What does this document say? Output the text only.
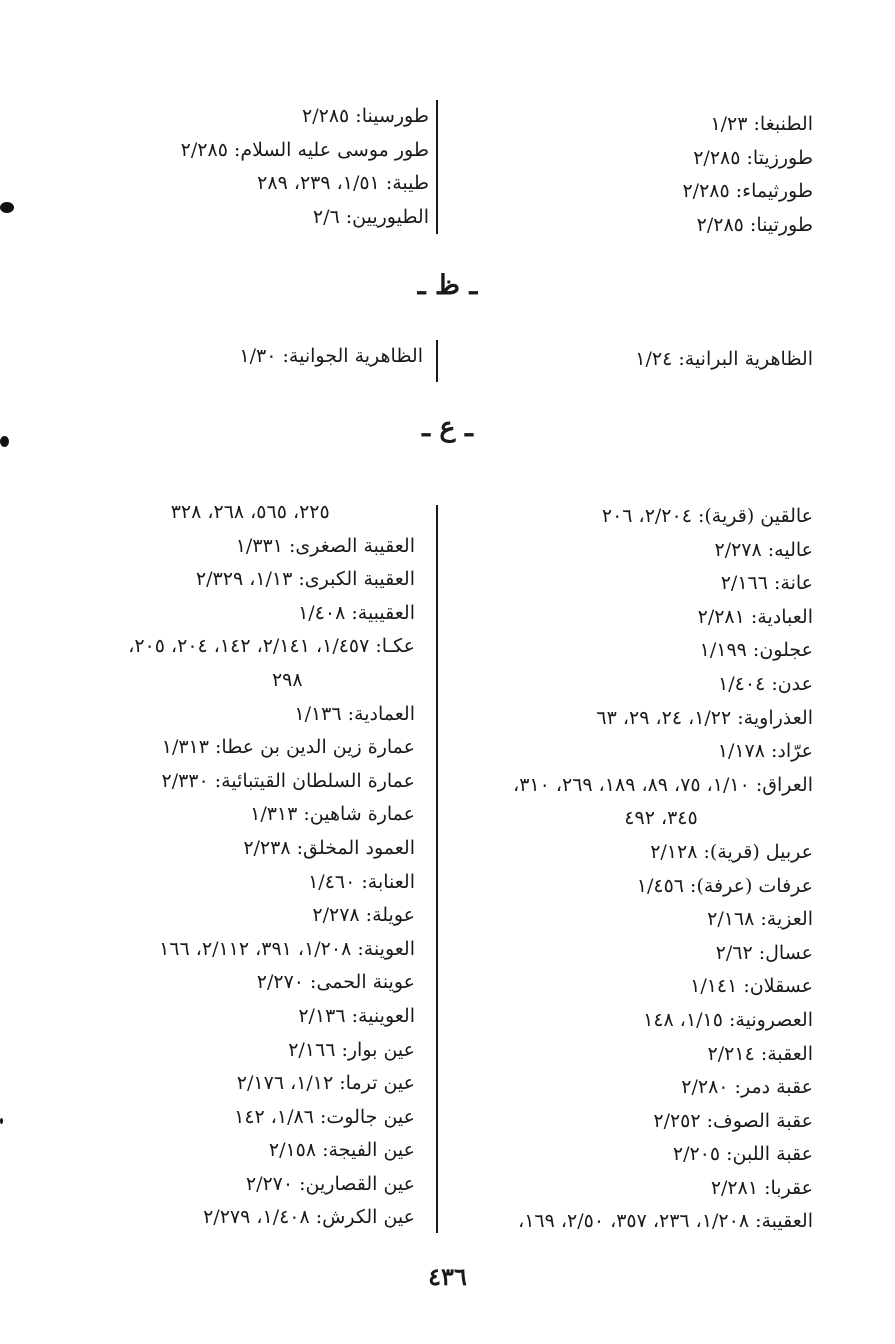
الطنبغا: ١/٢٣
طورزيتا: ٢/٢٨٥
طورثيماء: ٢/٢٨٥
طورتينا: ٢/٢٨٥
طورسينا: ٢/٢٨٥
طور موسى عليه السلام: ٢/٢٨٥
طيبة: ١/٥١، ٢٣٩، ٢٨٩
الطيوريين: ٢/٦
ـ ظ ـ
الظاهرية البرانية: ١/٢٤
الظاهرية الجوانية: ١/٣٠
ـ ع ـ
عالقين (قرية): ٢/٢٠٤، ٢٠٦
عاليه: ٢/٢٧٨
عانة: ٢/١٦٦
العبادية: ٢/٢٨١
عجلون: ١/١٩٩
عدن: ١/٤٠٤
العذراوية: ١/٢٢، ٢٤، ٢٩، ٦٣
عرّاد: ١/١٧٨
العراق: ١/١٠، ٧٥، ٨٩، ١٨٩، ٢٦٩، ٣١٠،
٣٤٥، ٤٩٢
عربيل (قرية): ٢/١٢٨
عرفات (عرفة): ١/٤٥٦
العزية: ٢/١٦٨
عسال: ٢/٦٢
عسقلان: ١/١٤١
العصرونية: ١/١٥، ١٤٨
العقبة: ٢/٢١٤
عقبة دمر: ٢/٢٨٠
عقبة الصوف: ٢/٢٥٢
عقبة اللبن: ٢/٢٠٥
عقربا: ٢/٢٨١
العقيبة: ١/٢٠٨، ٢٣٦، ٣٥٧، ٢/٥٠، ١٦٩،
٢٢٥، ٥٦٥، ٢٦٨، ٣٢٨
العقيبة الصغرى: ١/٣٣١
العقيبة الكبرى: ١/١٣، ٢/٣٢٩
العقيبية: ١/٤٠٨
عكـا: ١/٤٥٧، ٢/١٤١، ١٤٢، ٢٠٤، ٢٠٥،
٢٩٨
العمادية: ١/١٣٦
عمارة زين الدين بن عطا: ١/٣١٣
عمارة السلطان القيتبائية: ٢/٣٣٠
عمارة شاهين: ١/٣١٣
العمود المخلق: ٢/٢٣٨
العنابة: ١/٤٦٠
عويلة: ٢/٢٧٨
العوينة: ١/٢٠٨، ٣٩١، ٢/١١٢، ١٦٦
عوينة الحمى: ٢/٢٧٠
العوينية: ٢/١٣٦
عين بوار: ٢/١٦٦
عين ترما: ١/١٢، ٢/١٧٦
عين جالوت: ١/٨٦، ١٤٢
عين الفيجة: ٢/١٥٨
عين القصارين: ٢/٢٧٠
عين الكرش: ١/٤٠٨، ٢/٢٧٩
٤٣٦
